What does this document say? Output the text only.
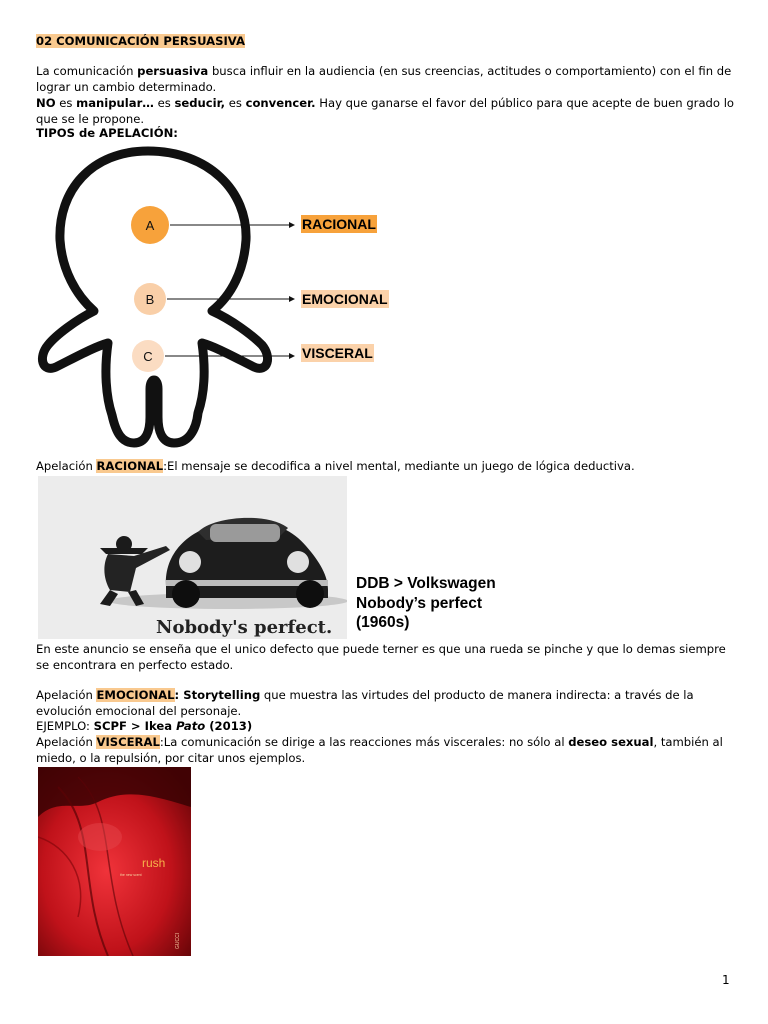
02 COMUNICACIÓN PERSUASIVA
La comunicación persuasiva busca influir en la audiencia (en sus creencias, actitudes o comportamiento) con el fin de lograr un cambio determinado.
NO es manipular… es seducir, es convencer. Hay que ganarse el favor del público para que acepte de buen grado lo que se le propone.
TIPOS de APELACIÓN:
A
B
C
RACIONAL
EMOCIONAL
VISCERAL
Apelación RACIONAL:El mensaje se decodifica a nivel mental, mediante un juego de lógica deductiva.
Nobody's perfect.
DDB > Volkswagen
Nobody’s perfect
(1960s)
En este anuncio se enseña que el unico defecto que puede terner es que una rueda se pinche y que lo demas siempre se encontrara en perfecto estado.
Apelación EMOCIONAL: Storytelling que muestra las virtudes del producto de manera indirecta: a través de la evolución emocional del personaje.
EJEMPLO: SCPF > Ikea Pato (2013)
Apelación VISCERAL:La comunicación se dirige a las reacciones más viscerales: no sólo al deseo sexual, también al miedo, o la repulsión, por citar unos ejemplos.
rush
the new scent
GUCCI
1
